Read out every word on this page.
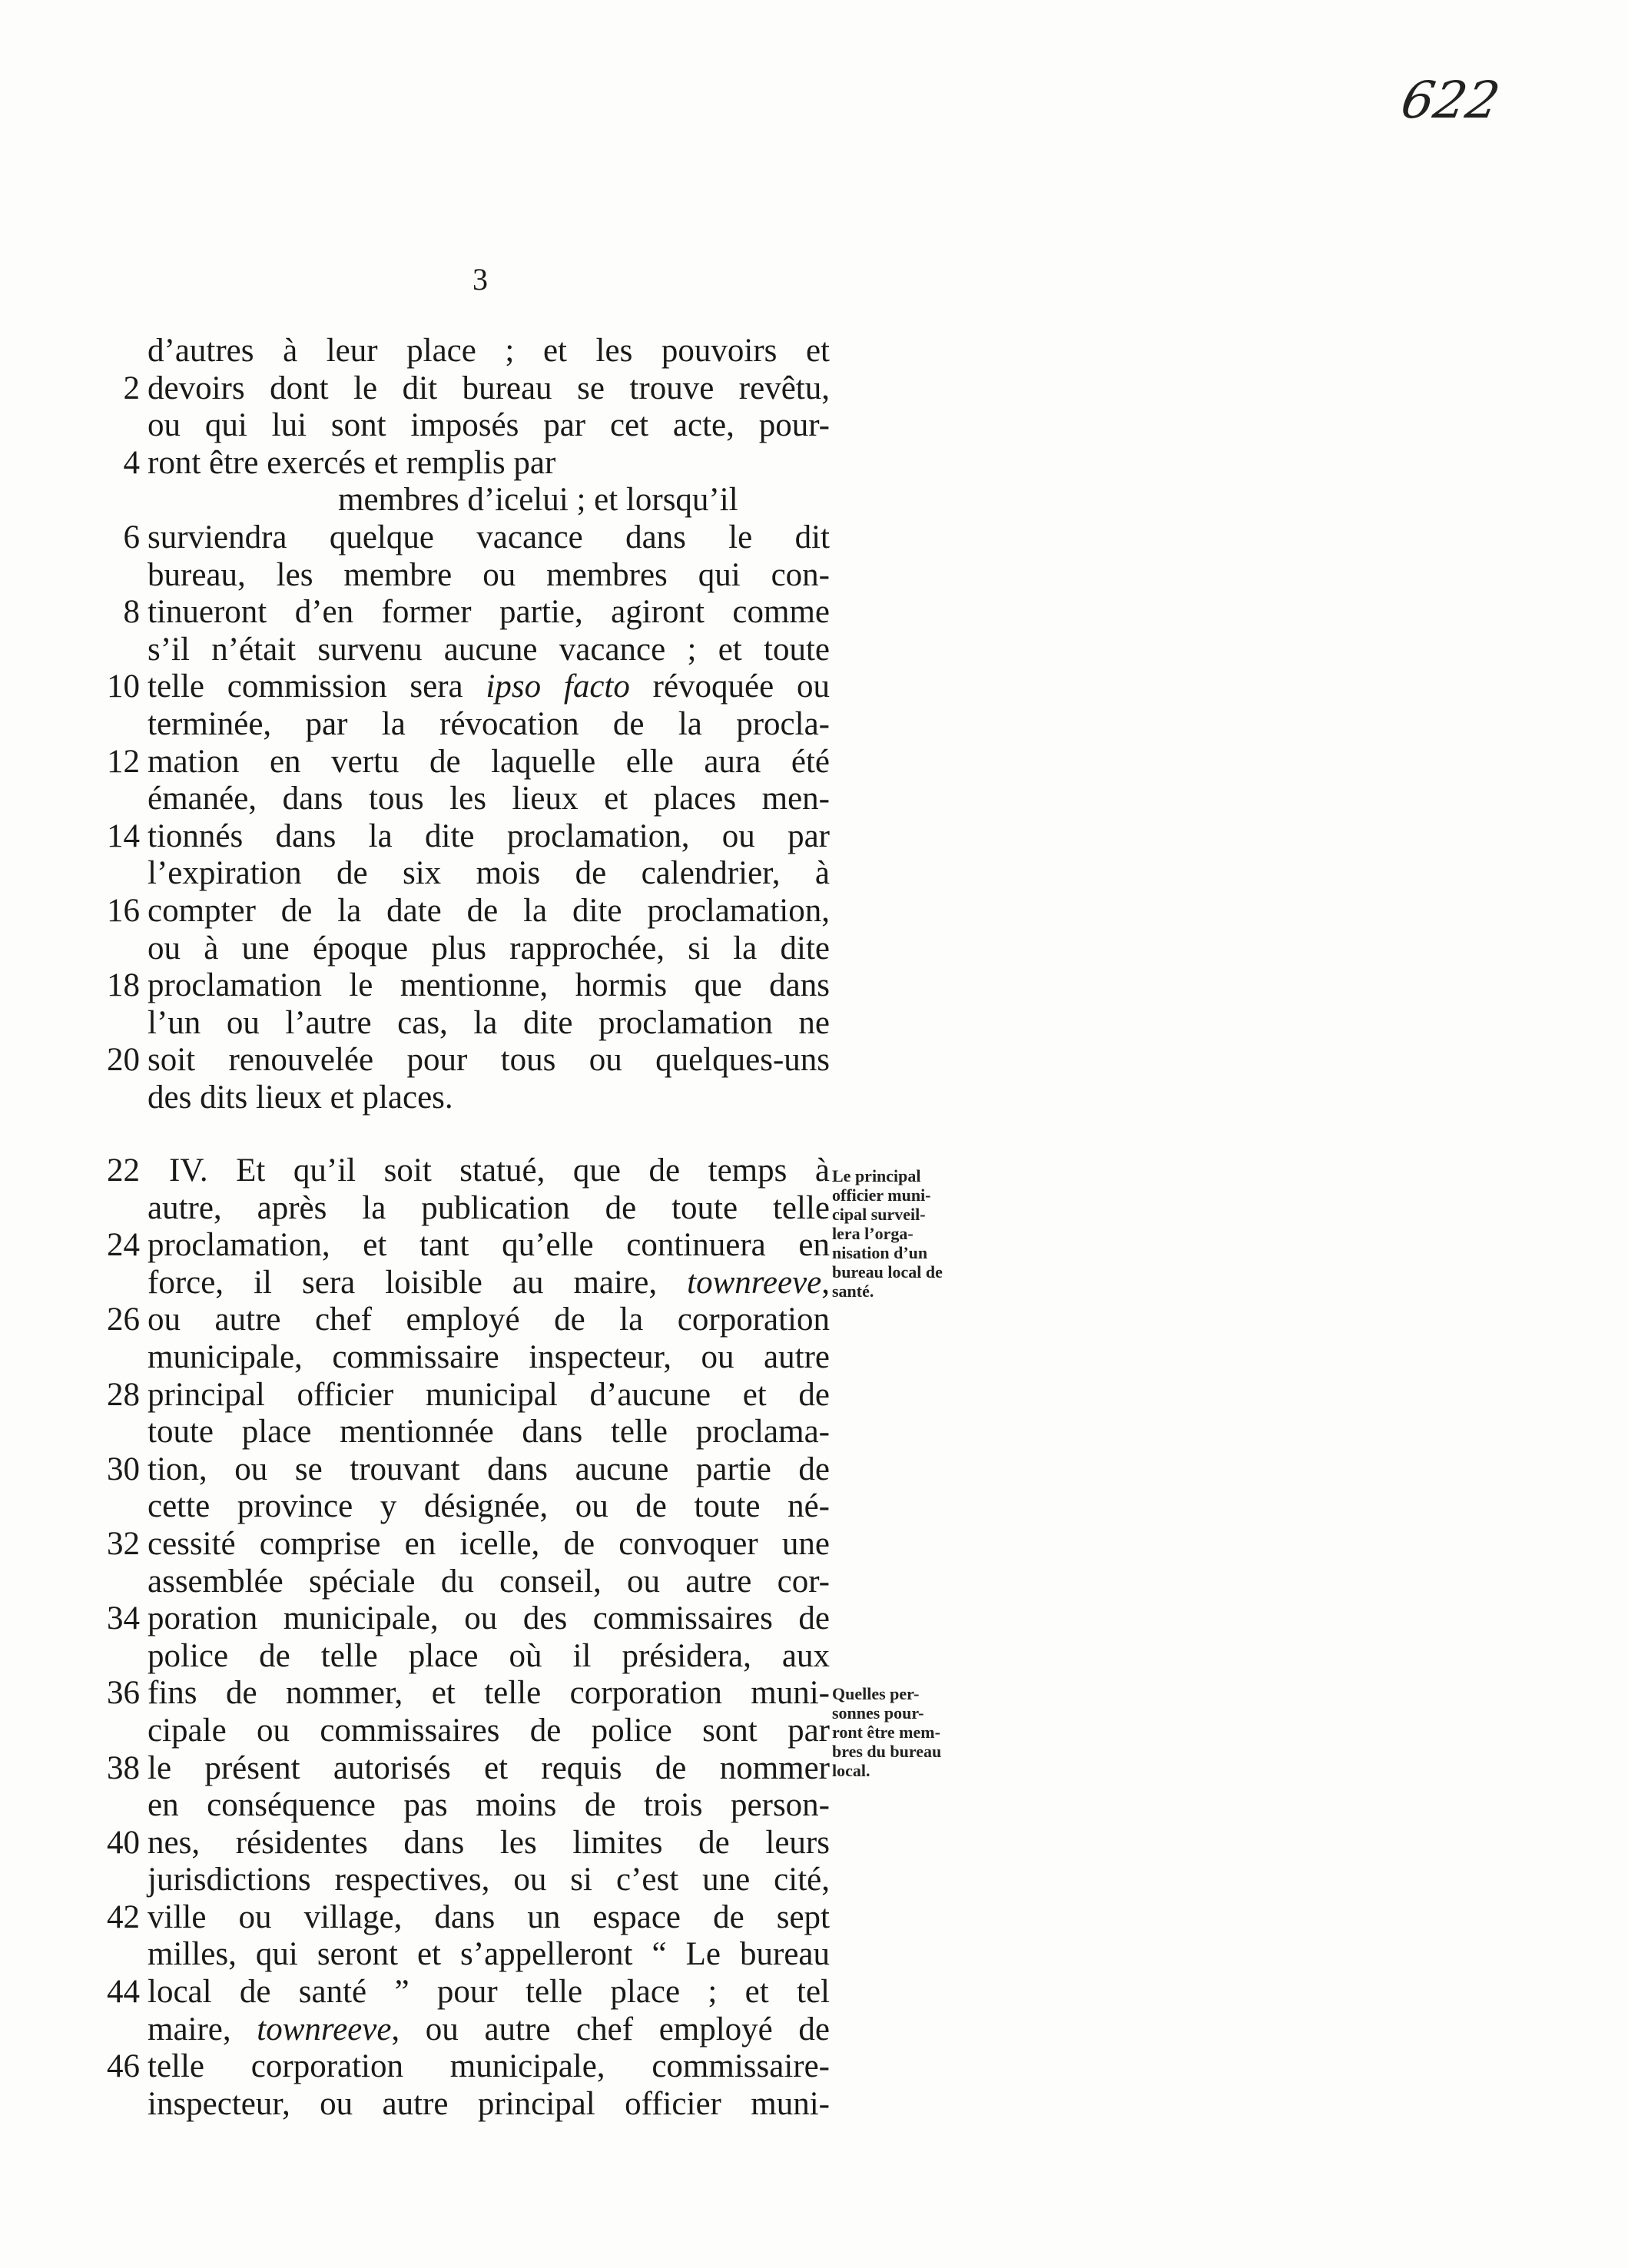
622
3
d’autres à leur place ; et les pouvoirs et
2 devoirs dont le dit bureau se trouve revêtu,
ou qui lui sont imposés par cet acte, pour-
4 ront être exercés et remplis par
membres d’icelui ; et lorsqu’il
6 surviendra quelque vacance dans le dit
bureau, les membre ou membres qui con-
8 tinueront d’en former partie, agiront comme
s’il n’était survenu aucune vacance ; et toute
10 telle commission sera ipso facto révoquée ou
terminée, par la révocation de la procla-
12 mation en vertu de laquelle elle aura été
émanée, dans tous les lieux et places men-
14 tionnés dans la dite proclamation, ou par
l’expiration de six mois de calendrier, à
16 compter de la date de la dite proclamation,
ou à une époque plus rapprochée, si la dite
18 proclamation le mentionne, hormis que dans
l’un ou l’autre cas, la dite proclamation ne
20 soit renouvelée pour tous ou quelques-uns
des dits lieux et places.
22 IV. Et qu’il soit statué, que de temps à
autre, après la publication de toute telle
24 proclamation, et tant qu’elle continuera en
force, il sera loisible au maire, townreeve,
26 ou autre chef employé de la corporation
municipale, commissaire inspecteur, ou autre
28 principal officier municipal d’aucune et de
toute place mentionnée dans telle proclama-
30 tion, ou se trouvant dans aucune partie de
cette province y désignée, ou de toute né-
32 cessité comprise en icelle, de convoquer une
assemblée spéciale du conseil, ou autre cor-
34 poration municipale, ou des commissaires de
police de telle place où il présidera, aux
36 fins de nommer, et telle corporation muni-
cipale ou commissaires de police sont par
38 le présent autorisés et requis de nommer
en conséquence pas moins de trois person-
40 nes, résidentes dans les limites de leurs
jurisdictions respectives, ou si c’est une cité,
42 ville ou village, dans un espace de sept
milles, qui seront et s’appelleront “ Le bureau
44 local de santé ” pour telle place ; et tel
maire, townreeve, ou autre chef employé de
46 telle corporation municipale, commissaire-
inspecteur, ou autre principal officier muni-
Le principal
officier muni-
cipal surveil-
lera l’orga-
nisation d’un
bureau local de
santé.
Quelles per-
sonnes pour-
ront être mem-
bres du bureau
local.
